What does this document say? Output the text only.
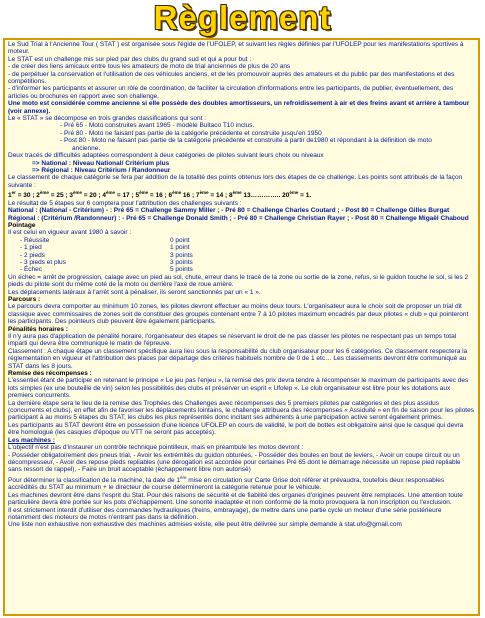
Règlement

Le Sud Trial à l'Ancienne Tour ( STAT ) est organisée sous l'égide de l'UFOLEP, et suivant les règles définies par l'UFOLEP pour les manifestations sportives à moteur.

Le STAT est un challenge mis sur pied par des clubs du grand sud et qui a pour but :

- de créer des liens amicaux entre tous les amateurs de moto de trial anciennes de plus de 20 ans

- de perpétuer la conservation et l'utilisation de ces véhicules anciens, et de les promouvoir auprès des amateurs et du public par des manifestations et des compétitions.

- d'informer les participants et assurer un rôle de coordination, de faciliter la circulation d'informations entre les participants, de publier, éventuellement, des articles ou brochures en rapport avec son challenge.

Une moto est considérée comme ancienne si elle possède des doubles amortisseurs, un refroidissement à air et des freins avant et arrière à tambour (voir annexe).

Le « STAT » se décompose en trois grandes classifications qui sont :

- Pré 65 - Moto construites avant 1965 - modèle Bultaco T10 inclus.

- Pré 80 - Moto ne faisant pas partie de la catégorie précédente et construite jusqu'en 1950

- Post 80 - Moto ne faisant pas partie de la catégorie précédente et construite à partir de1980 et répondant à la définition de moto

ancienne.

Deux tracés de difficultés adaptées correspondent à deux catégories de pilotes suivant leurs choix ou niveaux

=> National : Niveau National/ Critérium plus

=> Régional : Niveau Critérium / Randonneur

Le classement de chaque catégorie se fera par addition de la totalité des points obtenus lors des étapes de ce challenge. Les points sont attribués de la façon suivante :

1er = 30 ; 2ème = 25 ; 3ème = 20 ; 4ème = 17 ; 5ème = 16 ; 6ème 16 ; 7ème = 14 ; 8ème 13………….. 20ème = 1.

Le résultat de 5 étapes sur 6 comptera pour l'attribution des challenges suivants :

National : (National - Critérium) - : Pré 65 = Challenge Sammy Miller ; - Pré 80 = Challenge Charles Coutard ; - Post 80 = Challenge Gilles Burgat

Régional : (Critérium /Randonneur) : - Pré 65 = Challenge Donald Smith ; - Pré 80 = Challenge Christian Rayer ; - Post 80 = Challenge Migaël Chaboud

Pointage

Il est celui en vigueur avant 1980 à savoir :

- Réussite	0 point
- 1 pied	1 point
- 2 pieds	3 points
- 3 pieds et plus	3 points
- Échec	5 points

Un échec = arrêt de progression, calage avec un pied au sol, chute, erreur dans le tracé de la zone ou sortie de la zone, refus, si le guidon touche le sol, si les 2 pieds du pilote sont du même coté de la moto ou derrière l'axe de roue arrière.

Les déplacements latéraux à l'arrêt sont à pénaliser, ils seront sanctionnés par un « 1 ».

Parcours :

Le parcours devra comporter au minimum 10 zones, les pilotes devront effectuer au moins deux tours. L'organisateur aura le choix soit de proposer un trial dit classique avec commissaires de zones soit de constituer des groupes contenant entre 7 à 10 pilotes maximum encadrés par deux pilotes « club » qui pointeront les participants. Des pointeurs club peuvent être également participants.

Pénalités horaires :

Il n'y aura pas d'application de pénalité horaire, l'organisateur des étapes se réservant le droit de ne pas classer les pilotes ne respectant pas un temps total imparti qui devra être communiqué le matin de l'épreuve.

Classement : A chaque étape un classement spécifique aura lieu sous la responsabilité du club organisateur pour les 6 catégories. Ce classement respectera la réglementation en vigueur et l'attribution des places par départage des critères habituels nombre de 0 de 1 etc… Les classements devront être communiqué au STAT dans les 8 jours.

Remise des récompenses :

L'essentiel étant de participer en retenant le principe « Le jeu pas l'enjeu », la remise des prix devra tendre à récompenser le maximum de participants avec des lots simples (ex une bouteille de vin) selon les possibilités des clubs et préserver un esprit « Ufolep ». Le club organisateur est libre pour les dotations aux premiers concurrents.

La dernière étape sera le lieu de la remise des Trophées des Challenges avec récompenses des 5 premiers pilotes par catégories et des plus assidus (concurrents et clubs), en effet afin de favoriser les déplacements lointains, le challenge attribuera des récompenses « Assiduité » en fin de saison pour les pilotes participant à au moins 5 étapes du STAT, les clubs les plus représentés donc incitant ses adhérents à une participation active seront également primés.

Les participants au STAT devront être en possession d'une licence UFOLEP en cours de validité, le port de bottes est obligatoire ainsi que le casque qui devra être homologué (les casques d'époque ou VTT ne seront pas acceptés).

Les machines :

L'objectif n'est pas d'instaurer un contrôle technique pointilleux, mais en préambule les motos devront :

- Posséder obligatoirement des pneus trial, - Avoir les extrémités du guidon obturées, - Posséder des boules en bout de leviers, - Avoir un coupe circuit ou un décompresseur, - Avoir des repose pieds repliables (une dérogation est accordée pour certaines Pré 65 dont le démarrage nécessite un repose pied repliable sans ressort de rappel), - Faire un bruit acceptable (échappement libre non autorisé)

Pour déterminer la classification de la machine, la date de 1ère mise en circulation sur Carte Grise doit référer et prévaudra, toutefois deux responsables accrédités du STAT au minimum + le directeur de course détermineront la catégorie retenue pour le véhicule.

Les machines devront être dans l'esprit du Stat. Pour des raisons de sécurité et de fiabilité des organes d'origines peuvent être remplacés. Une attention toute particulière devra être portée sur les pots d'échappement. Une sonorité inadaptée et non conforme de la moto provoquera la non inscription ou l'exclusion.

Il est strictement interdit d'utiliser des commandes hydrauliques (freins, embrayage), de mettre dans une partie cycle un moteur d'une série postérieure notamment des moteurs de motos n'entrant pas dans la définition.

Une liste non exhaustive non exhaustive des machines admises existe, elle peut être délivrée sur simple demande à stat.ufo@gmail.com
